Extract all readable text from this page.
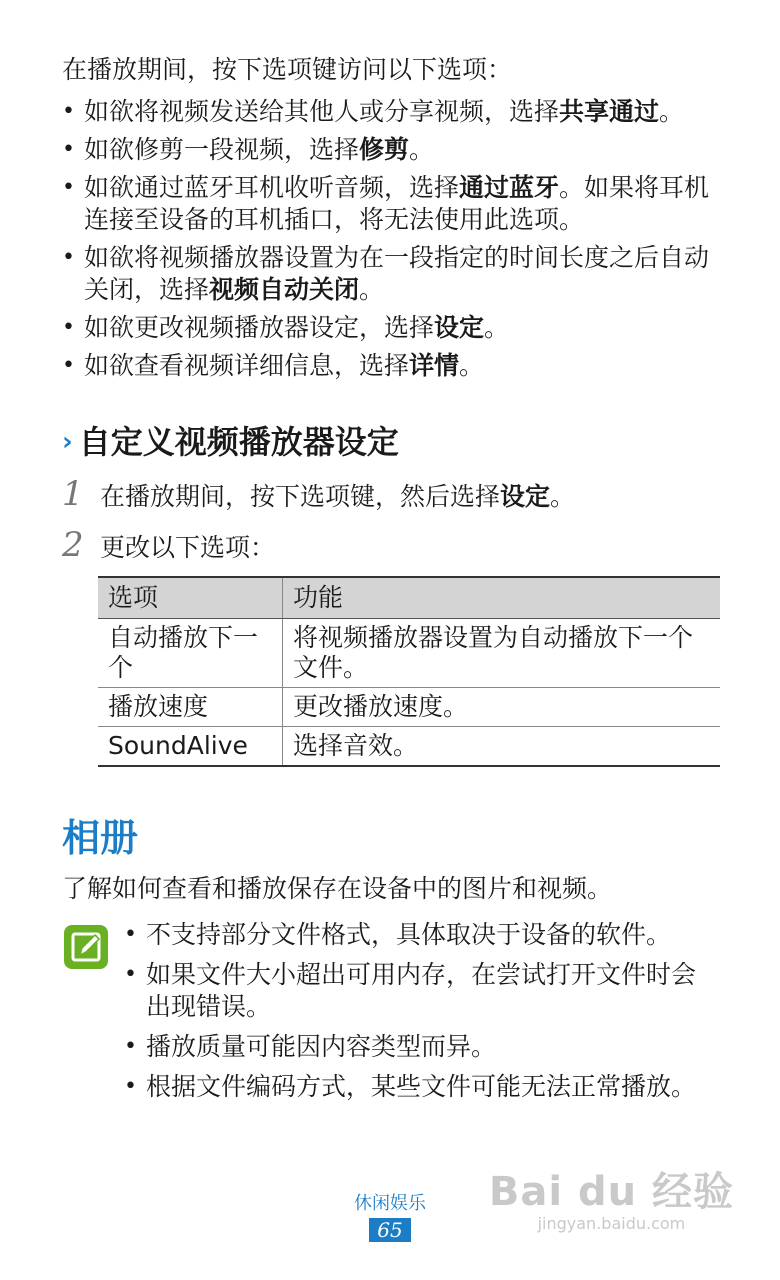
在播放期间，按下选项键访问以下选项：

• 如欲将视频发送给其他人或分享视频，选择共享通过。
• 如欲修剪一段视频，选择修剪。
• 如欲通过蓝牙耳机收听音频，选择通过蓝牙。如果将耳机连接至设备的耳机插口，将无法使用此选项。
• 如欲将视频播放器设置为在一段指定的时间长度之后自动关闭，选择视频自动关闭。
• 如欲更改视频播放器设定，选择设定。
• 如欲查看视频详细信息，选择详情。
› 自定义视频播放器设定
1 在播放期间，按下选项键，然后选择设定。
2 更改以下选项：
选项	功能
自动播放下一个	将视频播放器设置为自动播放下一个文件。
播放速度	更改播放速度。
SoundAlive	选择音效。
相册
了解如何查看和播放保存在设备中的图片和视频。
• 不支持部分文件格式，具体取决于设备的软件。
• 如果文件大小超出可用内存，在尝试打开文件时会出现错误。
• 播放质量可能因内容类型而异。
• 根据文件编码方式，某些文件可能无法正常播放。
休闲娱乐
65
Bai du 经验
jingyan.baidu.com
